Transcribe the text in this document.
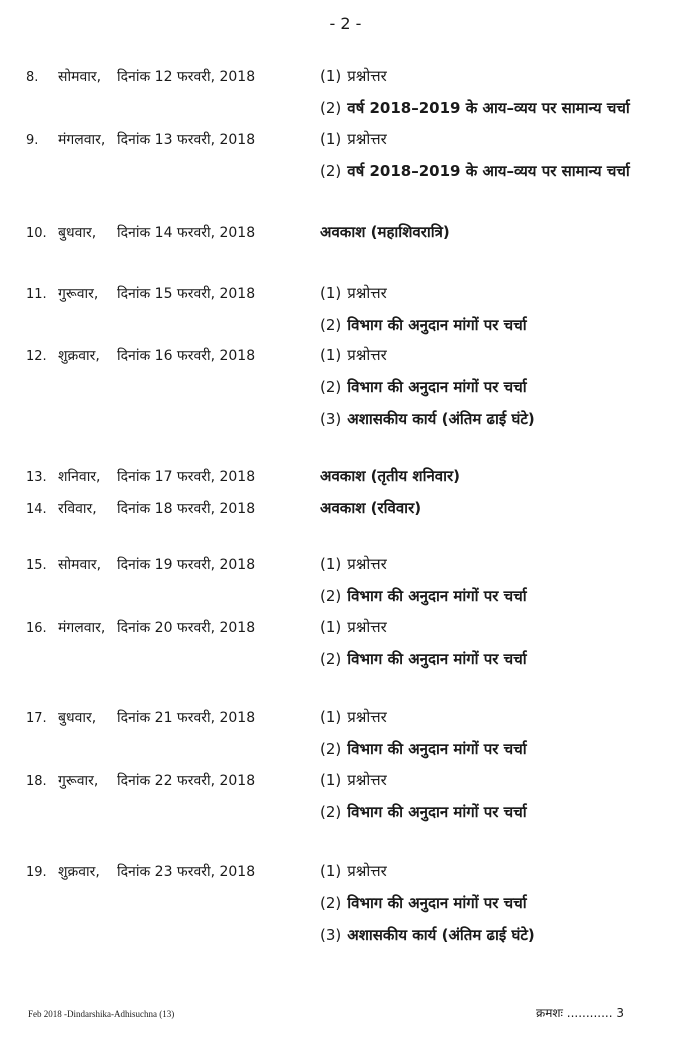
- 2 -
8. सोमवार, दिनांक 12 फरवरी, 2018	(1) प्रश्नोत्तर
(2) वर्ष 2018–2019 के आय–व्यय पर सामान्य चर्चा
9. मंगलवार, दिनांक 13 फरवरी, 2018	(1) प्रश्नोत्तर
(2) वर्ष 2018–2019 के आय–व्यय पर सामान्य चर्चा
10. बुधवार, दिनांक 14 फरवरी, 2018	अवकाश (महाशिवरात्रि)
11. गुरूवार, दिनांक 15 फरवरी, 2018	(1) प्रश्नोत्तर
(2) विभाग की अनुदान मांगों पर चर्चा
12. शुक्रवार, दिनांक 16 फरवरी, 2018	(1) प्रश्नोत्तर
(2) विभाग की अनुदान मांगों पर चर्चा
(3) अशासकीय कार्य (अंतिम ढाई घंटे)
13. शनिवार, दिनांक 17 फरवरी, 2018	अवकाश (तृतीय शनिवार)
14. रविवार, दिनांक 18 फरवरी, 2018	अवकाश (रविवार)
15. सोमवार, दिनांक 19 फरवरी, 2018	(1) प्रश्नोत्तर
(2) विभाग की अनुदान मांगों पर चर्चा
16. मंगलवार, दिनांक 20 फरवरी, 2018	(1) प्रश्नोत्तर
(2) विभाग की अनुदान मांगों पर चर्चा
17. बुधवार, दिनांक 21 फरवरी, 2018	(1) प्रश्नोत्तर
(2) विभाग की अनुदान मांगों पर चर्चा
18. गुरूवार, दिनांक 22 फरवरी, 2018	(1) प्रश्नोत्तर
(2) विभाग की अनुदान मांगों पर चर्चा
19. शुक्रवार, दिनांक 23 फरवरी, 2018	(1) प्रश्नोत्तर
(2) विभाग की अनुदान मांगों पर चर्चा
(3) अशासकीय कार्य (अंतिम ढाई घंटे)
Feb 2018 -Dindarshika-Adhisuchna (13)	क्रमशः ............ 3
